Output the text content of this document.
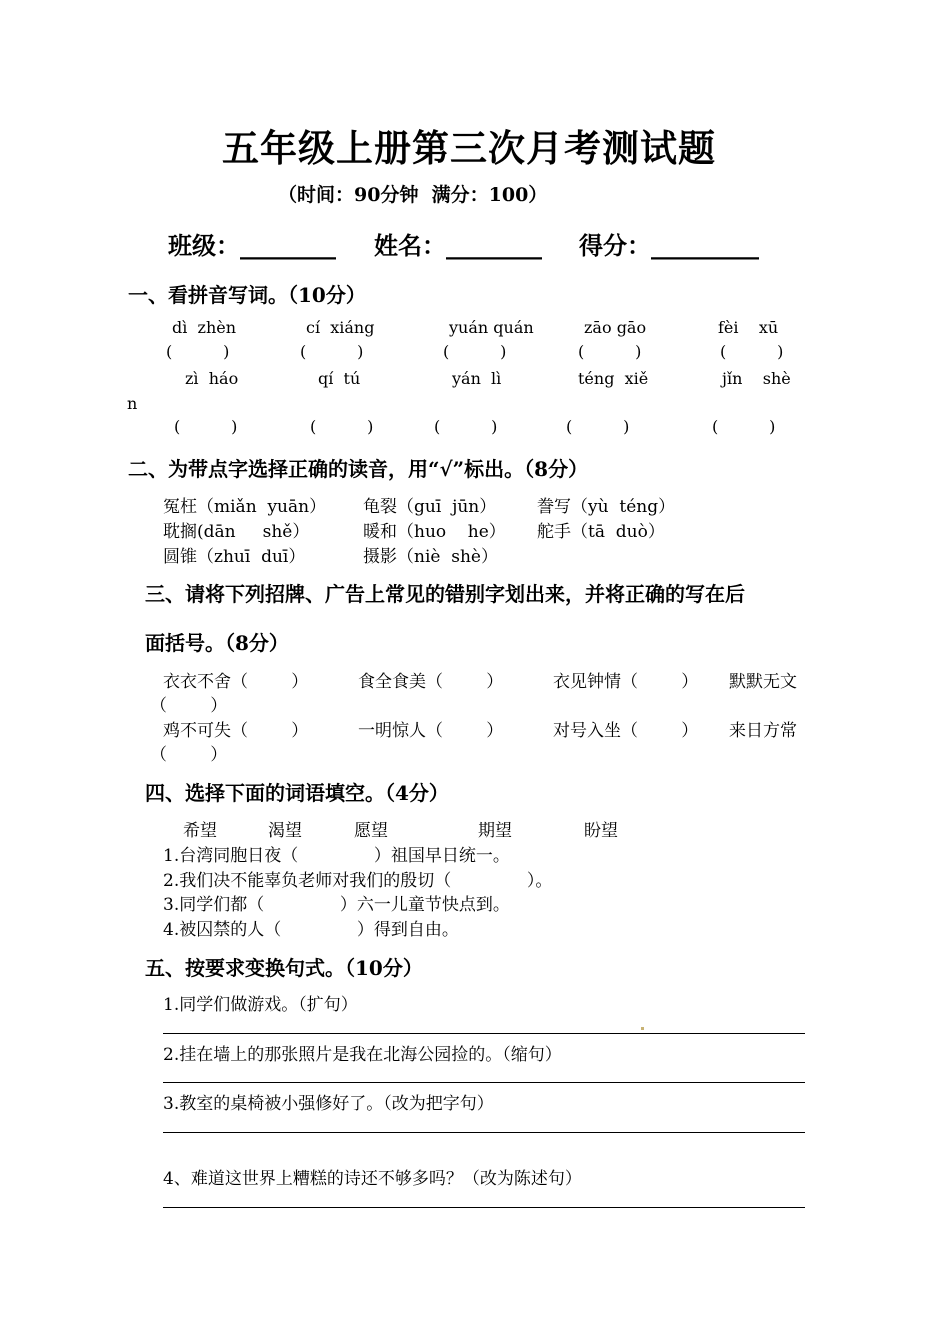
五年级上册第三次月考测试题
（时间：90分钟  满分：100）
班级：________ 姓名：________ 得分：_________
一、看拼音写词。（10分）
dì  zhèn	cí  xiáng	yuán quán	zāo gāo	fèi    xū
(          )	(          )	(          )	(          )	(          )
zì  háo	qí  tú	yán  lì	téng  xiě	jǐn    shè
n
(          )	(          )	(          )	(          )	(          )
二、为带点字选择正确的读音，用“√”标出。（8分）
冤枉（miǎn  yuān） 龟裂（guī  jūn） 誊写（yù  téng）
耽搁(dān     shě）	暖和（huo    he） 舵手（tā  duò）
圆锥（zhuī  duī）	摄影（niè  shè）
三、请将下列招牌、广告上常见的错别字划出来，并将正确的写在后
面括号。（8分）
衣衣不舍（        ）	食全食美（        ）	衣见钟情（        ） 默默无文
（        ）
鸡不可失（        ）	一明惊人（        ）	对号入坐（        ） 来日方常
（        ）
四、选择下面的词语填空。（4分）
希望	渴望	愿望	期望	盼望
1.台湾同胞日夜（              ）祖国早日统一。
2.我们决不能辜负老师对我们的殷切（              ）。
3.同学们都（              ）六一儿童节快点到。
4.被囚禁的人（              ）得到自由。
五、按要求变换句式。（10分）
1.同学们做游戏。（扩句）
2.挂在墙上的那张照片是我在北海公园捡的。（缩句）
3.教室的桌椅被小强修好了。（改为把字句）
4、难道这世界上糟糕的诗还不够多吗？（改为陈述句）
